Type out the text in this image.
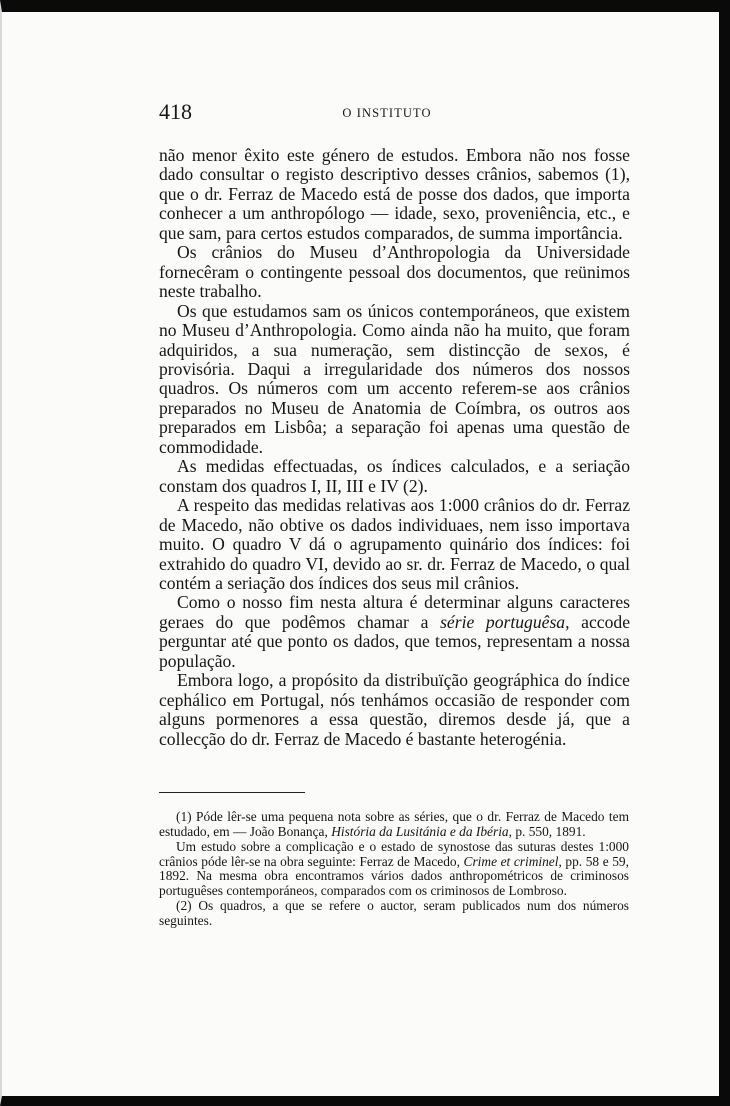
418	O INSTITUTO

não menor êxito este género de estudos. Embora não nos fosse dado consultar o registo descriptivo desses crânios, sabemos (1), que o dr. Ferraz de Macedo está de posse dos dados, que importa conhecer a um anthropólogo — idade, sexo, proveniência, etc., e que sam, para certos estudos comparados, de summa importância.

Os crânios do Museu d’Anthropologia da Universidade fornecêram o contingente pessoal dos documentos, que reünimos neste trabalho.

Os que estudamos sam os únicos contemporáneos, que existem no Museu d’Anthropologia. Como ainda não ha muito, que foram adquiridos, a sua numeração, sem distincção de sexos, é provisória. Daqui a irregularidade dos números dos nossos quadros. Os números com um accento referem-se aos crânios preparados no Museu de Anatomia de Coímbra, os outros aos preparados em Lisbôa; a separação foi apenas uma questão de commodidade.

As medidas effectuadas, os índices calculados, e a seriação constam dos quadros I, II, III e IV (2).

A respeito das medidas relativas aos 1:000 crânios do dr. Ferraz de Macedo, não obtive os dados individuaes, nem isso importava muito. O quadro V dá o agrupamento quinário dos índices: foi extrahido do quadro VI, devido ao sr. dr. Ferraz de Macedo, o qual contém a seriação dos índices dos seus mil crânios.

Como o nosso fim nesta altura é determinar alguns caracteres geraes do que podêmos chamar a série portuguêsa, accode perguntar até que ponto os dados, que temos, representam a nossa população.

Embora logo, a propósito da distribuïção geográphica do índice cephálico em Portugal, nós tenhámos occasião de responder com alguns pormenores a essa questão, diremos desde já, que a collecção do dr. Ferraz de Macedo é bastante heterogénia.

(1) Póde lêr-se uma pequena nota sobre as séries, que o dr. Ferraz de Macedo tem estudado, em — João Bonança, História da Lusitánia e da Ibéria, p. 550, 1891.

Um estudo sobre a complicação e o estado de synostose das suturas destes 1:000 crânios póde lêr-se na obra seguinte: Ferraz de Macedo, Crime et criminel, pp. 58 e 59, 1892. Na mesma obra encontramos vários dados anthropométricos de criminosos portuguêses contemporáneos, comparados com os criminosos de Lombroso.

(2) Os quadros, a que se refere o auctor, seram publicados num dos números seguintes.
